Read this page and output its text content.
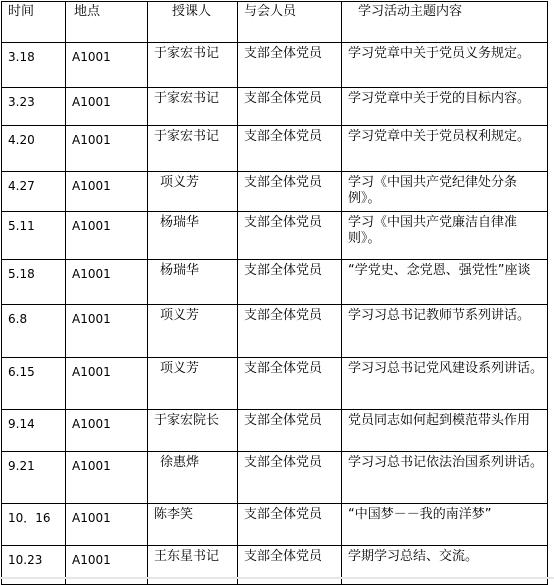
时间	地点	授课人	与会人员	学习活动主题内容
3.18	A1001	于家宏书记	支部全体党员	学习党章中关于党员义务规定。
3.23	A1001	于家宏书记	支部全体党员	学习党章中关于党的目标内容。
4.20	A1001	于家宏书记	支部全体党员	学习党章中关于党员权利规定。
4.27	A1001	项义芳	支部全体党员	学习《中国共产党纪律处分条例》。
5.11	A1001	杨瑞华	支部全体党员	学习《中国共产党廉洁自律准则》。
5.18	A1001	杨瑞华	支部全体党员	“学党史、念党恩、强党性”座谈
6.8	A1001	项义芳	支部全体党员	学习习总书记教师节系列讲话。
6.15	A1001	项义芳	支部全体党员	学习习总书记党风建设系列讲话。
9.14	A1001	于家宏院长	支部全体党员	党员同志如何起到模范带头作用
9.21	A1001	徐惠烨	支部全体党员	学习习总书记依法治国系列讲话。
10．16	A1001	陈李笑	支部全体党员	“中国梦－－我的南洋梦”
10.23	A1001	王东星书记	支部全体党员	学期学习总结、交流。
